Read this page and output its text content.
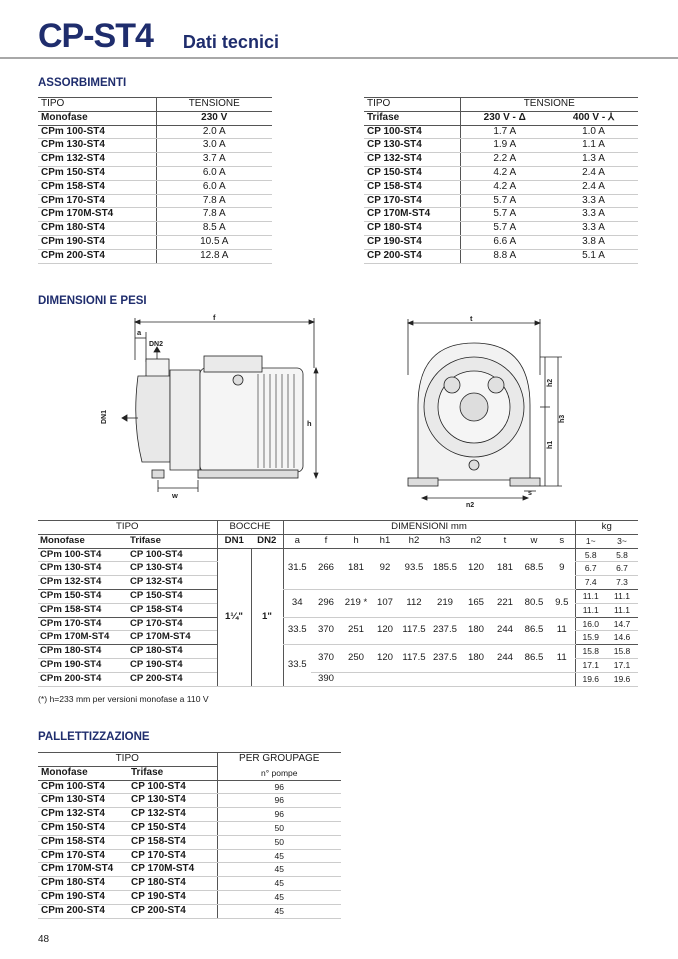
CP-ST4 Dati tecnici
ASSORBIMENTI
TIPO	TENSIONE
Monofase	230 V
CPm 100-ST4	2.0 A
CPm 130-ST4	3.0 A
CPm 132-ST4	3.7 A
CPm 150-ST4	6.0 A
CPm 158-ST4	6.0 A
CPm 170-ST4	7.8 A
CPm 170M-ST4	7.8 A
CPm 180-ST4	8.5 A
CPm 190-ST4	10.5 A
CPm 200-ST4	12.8 A
TIPO	TENSIONE	
Trifase	230 V - Δ	400 V - ⅄
CP 100-ST4	1.7 A	1.0 A
CP 130-ST4	1.9 A	1.1 A
CP 132-ST4	2.2 A	1.3 A
CP 150-ST4	4.2 A	2.4 A
CP 158-ST4	4.2 A	2.4 A
CP 170-ST4	5.7 A	3.3 A
CP 170M-ST4	5.7 A	3.3 A
CP 180-ST4	5.7 A	3.3 A
CP 190-ST4	6.6 A	3.8 A
CP 200-ST4	8.8 A	5.1 A
DIMENSIONI E PESI
f
a
DN2
DN1	h
w
t
h2
h3
h1
s
n2
TIPO		BOCCHE		DIMENSIONI mm										kg	
Monofase	Trifase	DN1	DN2	a	f	h	h1	h2	h3	n2	t	w	s	1~	3~
CPm 100-ST4	CP 100-ST4	1¼"	1"	31.5	266	181	92	93.5	185.5	120	181	68.5	9	5.8	5.8
CPm 130-ST4	CP 130-ST4													6.7	6.7
CPm 132-ST4	CP 132-ST4													7.4	7.3
CPm 150-ST4	CP 150-ST4			34	296	219 *	107	112	219	165	221	80.5	9.5	11.1	11.1
CPm 158-ST4	CP 158-ST4													11.1	11.1
CPm 170-ST4	CP 170-ST4			33.5	370	251	120	117.5	237.5	180	244	86.5	11	16.0	14.7
CPm 170M-ST4	CP 170M-ST4													15.9	14.6
CPm 180-ST4	CP 180-ST4			33.5	370	250	120	117.5	237.5	180	244	86.5	11	15.8	15.8
CPm 190-ST4	CP 190-ST4													17.1	17.1
CPm 200-ST4	CP 200-ST4				390									19.6	19.6
(*) h=233 mm per versioni monofase a 110 V
PALLETTIZZAZIONE
TIPO		PER GROUPAGE
Monofase	Trifase	n° pompe
CPm 100-ST4	CP 100-ST4	96
CPm 130-ST4	CP 130-ST4	96
CPm 132-ST4	CP 132-ST4	96
CPm 150-ST4	CP 150-ST4	50
CPm 158-ST4	CP 158-ST4	50
CPm 170-ST4	CP 170-ST4	45
CPm 170M-ST4	CP 170M-ST4	45
CPm 180-ST4	CP 180-ST4	45
CPm 190-ST4	CP 190-ST4	45
CPm 200-ST4	CP 200-ST4	45
48
